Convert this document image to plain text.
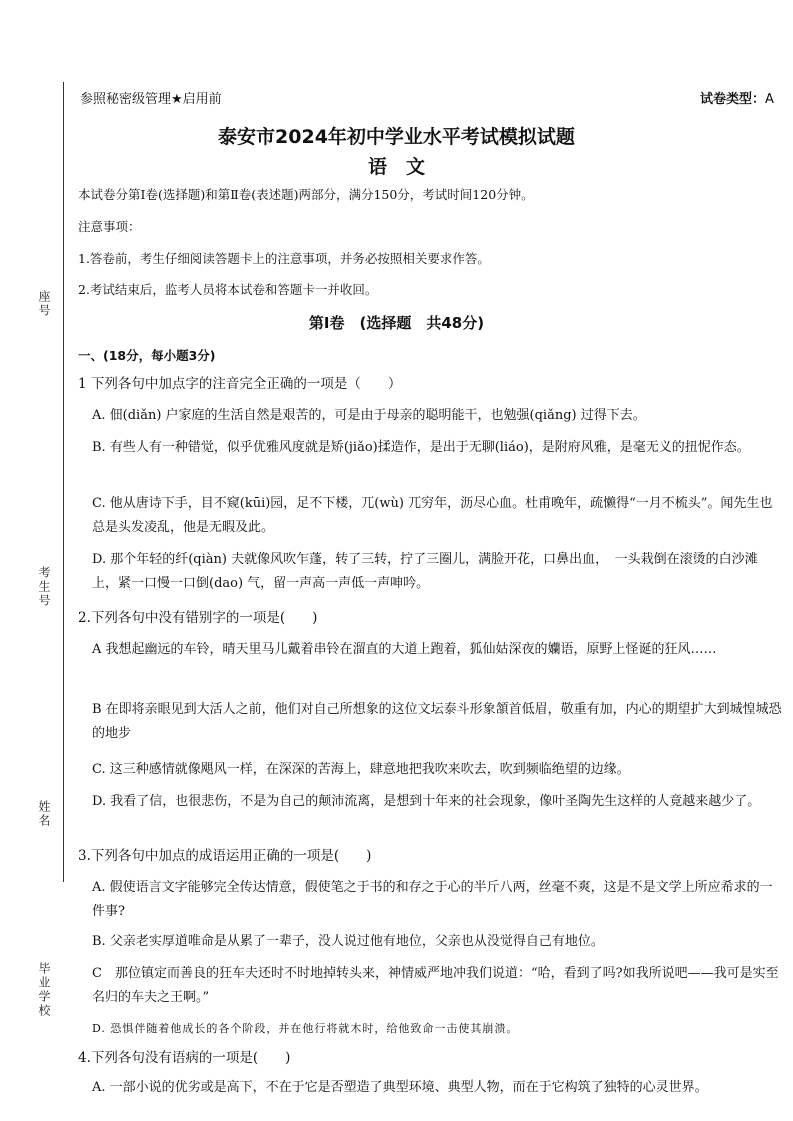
座号
考生号
姓名
毕业学校
参照秘密级管理★启用前	试卷类型：A
泰安市2024年初中学业水平考试模拟试题
语　文
本试卷分第Ⅰ卷(选择题)和第Ⅱ卷(表述题)两部分，满分150分，考试时间120分钟。
注意事项：
1.答卷前，考生仔细阅读答题卡上的注意事项，并务必按照相关要求作答。
2.考试结束后，监考人员将本试卷和答题卡一并收回。
第Ⅰ卷　(选择题　共48分)
一、(18分，每小题3分)
1 下列各句中加点字的注音完全正确的一项是（　　）
A. 佃(diǎn) 户家庭的生活自然是艰苦的，可是由于母亲的聪明能干，也勉强(qiǎng) 过得下去。
B. 有些人有一种错觉，似乎优雅风度就是矫(jiǎo)揉造作，是出于无聊(liáo)，是附府风雅，是毫无义的扭怩作态。
C. 他从唐诗下手，目不窥(kūi)园，足不下楼，兀(wù) 兀穷年，沥尽心血。杜甫晚年，疏懒得“一月不梳头”。闻先生也总是头发凌乱，他是无暇及此。
D. 那个年轻的纤(qiàn) 夫就像风吹乍蓬，转了三转，拧了三圈儿，满脸开花，口鼻出血，　一头栽倒在滚烫的白沙滩上，紧一口慢一口倒(dao) 气，留一声高一声低一声呻吟。
2.下列各句中没有错别字的一项是(　　)
A 我想起幽远的车铃，晴天里马儿戴着串铃在溜直的大道上跑着，狐仙姑深夜的孏语，原野上怪诞的狂风……
B 在即将亲眼见到大活人之前，他们对自己所想象的这位文坛泰斗形象頷首低眉，敬重有加，内心的期望扩大到城惶城恐的地步
C. 这三种感情就像飓风一样，在深深的苦海上，肆意地把我吹来吹去，吹到频临绝望的边缘。
D. 我看了信，也很悲伤，不是为自己的颠沛流离，是想到十年来的社会现象，像叶圣陶先生这样的人竟越来越少了。
3.下列各句中加点的成语运用正确的一项是(　　)
A. 假使语言文字能够完全传达情意，假使笔之于书的和存之于心的半斤八两，丝毫不爽，这是不是文学上所应希求的一件事?
B. 父亲老实厚道唯命是从累了一辈子，没人说过他有地位，父亲也从没觉得自己有地位。
C　那位镇定而善良的狂车夫还时不时地掉转头来，神情威严地冲我们说道：“哈，看到了吗?如我所说吧——我可是实至名归的车夫之王啊。”
D. 恐惧伴随着他成长的各个阶段，并在他行将就木时，给他致命一击使其崩溃。
4.下列各句没有语病的一项是(　　)
A. 一部小说的优劣或是高下，不在于它是否塑造了典型环境、典型人物，而在于它构筑了独特的心灵世界。
